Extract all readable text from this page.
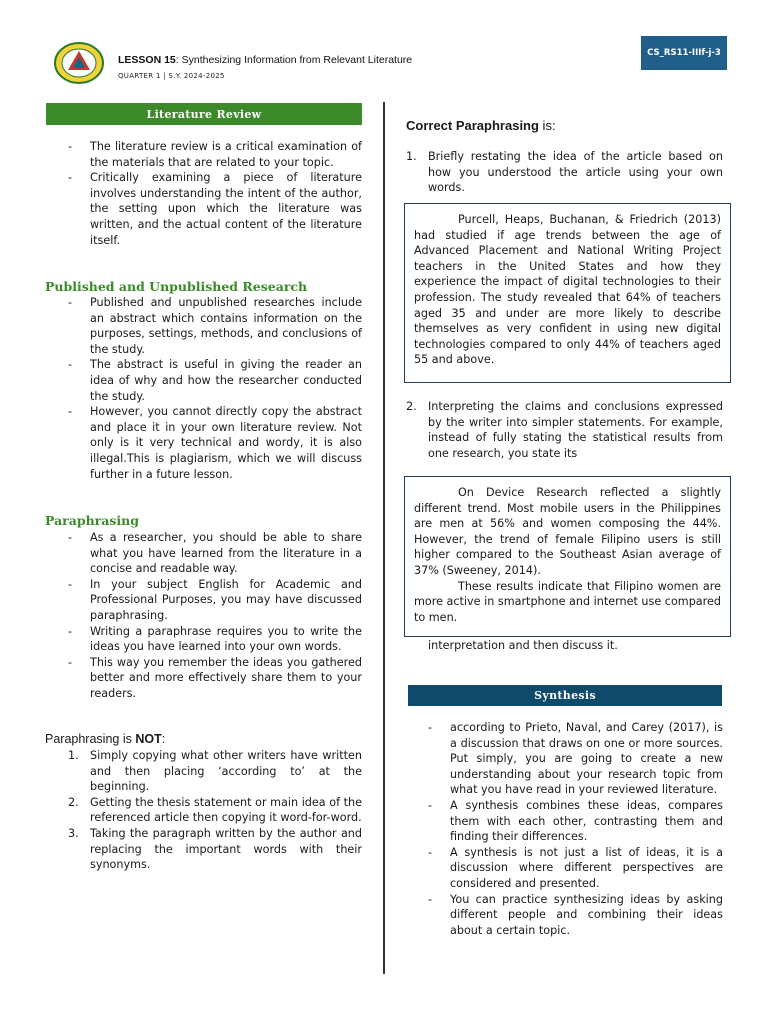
LESSON 15: Synthesizing Information from Relevant Literature
QUARTER 1 | S.Y. 2024-2025
CS_RS11-IIIf-j-3
Literature Review
- The literature review is a critical examination of the materials that are related to your topic.
- Critically examining a piece of literature involves understanding the intent of the author, the setting upon which the literature was written, and the actual content of the literature itself.
Published and Unpublished Research
- Published and unpublished researches include an abstract which contains information on the purposes, settings, methods, and conclusions of the study.
- The abstract is useful in giving the reader an idea of why and how the researcher conducted the study.
- However, you cannot directly copy the abstract and place it in your own literature review. Not only is it very technical and wordy, it is also illegal.This is plagiarism, which we will discuss further in a future lesson.
Paraphrasing
- As a researcher, you should be able to share what you have learned from the literature in a concise and readable way.
- In your subject English for Academic and Professional Purposes, you may have discussed paraphrasing.
- Writing a paraphrase requires you to write the ideas you have learned into your own words.
- This way you remember the ideas you gathered better and more effectively share them to your readers.
Paraphrasing is NOT:
1. Simply copying what other writers have written and then placing ‘according to’ at the beginning.
2. Getting the thesis statement or main idea of the referenced article then copying it word-for-word.
3. Taking the paragraph written by the author and replacing the important words with their synonyms.
Correct Paraphrasing is:
1. Briefly restating the idea of the article based on how you understood the article using your own words.

Purcell, Heaps, Buchanan, & Friedrich (2013) had studied if age trends between the age of Advanced Placement and National Writing Project teachers in the United States and how they experience the impact of digital technologies to their profession. The study revealed that 64% of teachers aged 35 and under are more likely to describe themselves as very confident in using new digital technologies compared to only 44% of teachers aged 55 and above.

2. Interpreting the claims and conclusions expressed by the writer into simpler statements. For example, instead of fully stating the statistical results from one research, you state its

On Device Research reflected a slightly different trend. Most mobile users in the Philippines are men at 56% and women composing the 44%. However, the trend of female Filipino users is still higher compared to the Southeast Asian average of 37% (Sweeney, 2014).

These results indicate that Filipino women are more active in smartphone and internet use compared to men.

interpretation and then discuss it.
Synthesis
- according to Prieto, Naval, and Carey (2017), is a discussion that draws on one or more sources. Put simply, you are going to create a new understanding about your research topic from what you have read in your reviewed literature.
- A synthesis combines these ideas, compares them with each other, contrasting them and finding their differences.
- A synthesis is not just a list of ideas, it is a discussion where different perspectives are considered and presented.
- You can practice synthesizing ideas by asking different people and combining their ideas about a certain topic.
